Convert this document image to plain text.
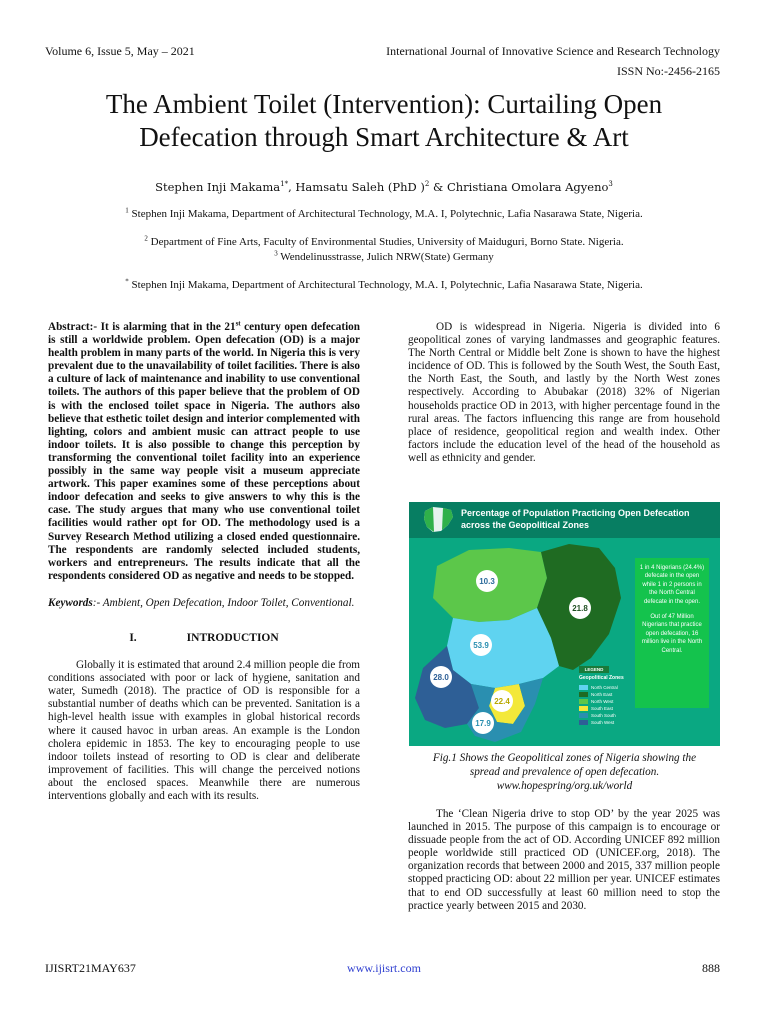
Volume 6, Issue 5, May – 2021	International Journal of Innovative Science and Research Technology
ISSN No:-2456-2165
The Ambient Toilet (Intervention): Curtailing Open
Defecation through Smart Architecture & Art
Stephen Inji Makama$^{1*}$, Hamsatu Saleh (PhD )$^2$ & Christiana Omolara Agyeno$^3$
$^1$ Stephen Inji Makama, Department of Architectural Technology, M.A. I, Polytechnic, Lafia Nasarawa State, Nigeria.
$^2$ Department of Fine Arts, Faculty of Environmental Studies, University of Maiduguri, Borno State. Nigeria.
$^3$ Wendelinusstrasse, Julich NRW(State) Germany
* Stephen Inji Makama, Department of Architectural Technology, M.A. I, Polytechnic, Lafia Nasarawa State, Nigeria.

Abstract:- It is alarming that in the 21st century open defecation is still a worldwide problem. Open defecation (OD) is a major health problem in many parts of the world. In Nigeria this is very prevalent due to the unavailability of toilet facilities. There is also a culture of lack of maintenance and inability to use conventional toilets. The authors of this paper believe that the problem of OD is with the enclosed toilet space in Nigeria. The authors also believe that esthetic toilet design and interior complemented with lighting, colors and ambient music can attract people to use indoor toilets. It is also possible to change this perception by transforming the conventional toilet facility into an experience possibly in the same way people visit a museum appreciate artwork. This paper examines some of these perceptions about indoor defecation and seeks to give answers to why this is the case. The study argues that many who use conventional toilet facilities would rather opt for OD. The methodology used is a Survey Research Method utilizing a closed ended questionnaire. The respondents are randomly selected included students, workers and entrepreneurs. The results indicate that all the respondents considered OD as negative and needs to be stopped.

Keywords:- Ambient, Open Defecation, Indoor Toilet, Conventional.

I.	INTRODUCTION

Globally it is estimated that around 2.4 million people die from conditions associated with poor or lack of hygiene, sanitation and water, Sumedh (2018). The practice of OD is responsible for a substantial number of deaths which can be prevented. Sanitation is a high-level health issue with examples in global historical records where it caused havoc in urban areas. An example is the London cholera epidemic in 1853. The key to encouraging people to use indoor toilets instead of resorting to OD is clear and deliberate improvement of facilities. This will change the perceived notions about the enclosed spaces. Meanwhile there are numerous interventions globally and each with its results.

OD is widespread in Nigeria. Nigeria is divided into 6 geopolitical zones of varying landmasses and geographic features. The North Central or Middle belt Zone is shown to have the highest incidence of OD. This is followed by the South West, the South East, the North East, the South, and lastly by the North West zones respectively. According to Abubakar (2018) 32% of Nigerian households practice OD in 2013, with higher percentage found in the rural areas. The factors influencing this range are from household place of residence, geopolitical region and wealth index. Other factors include the education level of the head of the household as well as ethnicity and gender.

Percentage of Population Practicing Open Defecation
across the Geopolitical Zones
10.3
21.8
53.9
28.0
22.4
17.9
LEGEND
Geopolitical Zones
North Central
North East
North West
South East
South South
South West
1 in 4 Nigerians (24.4%) defecate in the open while 1 in 2 persons in the North Central defecate in the open.
Out of 47 Million Nigerians that practice open defecation, 16 million live in the North Central.
Fig.1 Shows the Geopolitical zones of Nigeria showing the
spread and prevalence of open defecation.
www.hopespring/org.uk/world

The ‘Clean Nigeria drive to stop OD’ by the year 2025 was launched in 2015. The purpose of this campaign is to encourage or dissuade people from the act of OD. According UNICEF 892 million people worldwide still practiced OD (UNICEF.org, 2018). The organization records that between 2000 and 2015, 337 million people stopped practicing OD: about 22 million per year. UNICEF estimates that to end OD successfully at least 60 million need to stop the practice yearly between 2015 and 2030.

IJISRT21MAY637	www.ijisrt.com	888
